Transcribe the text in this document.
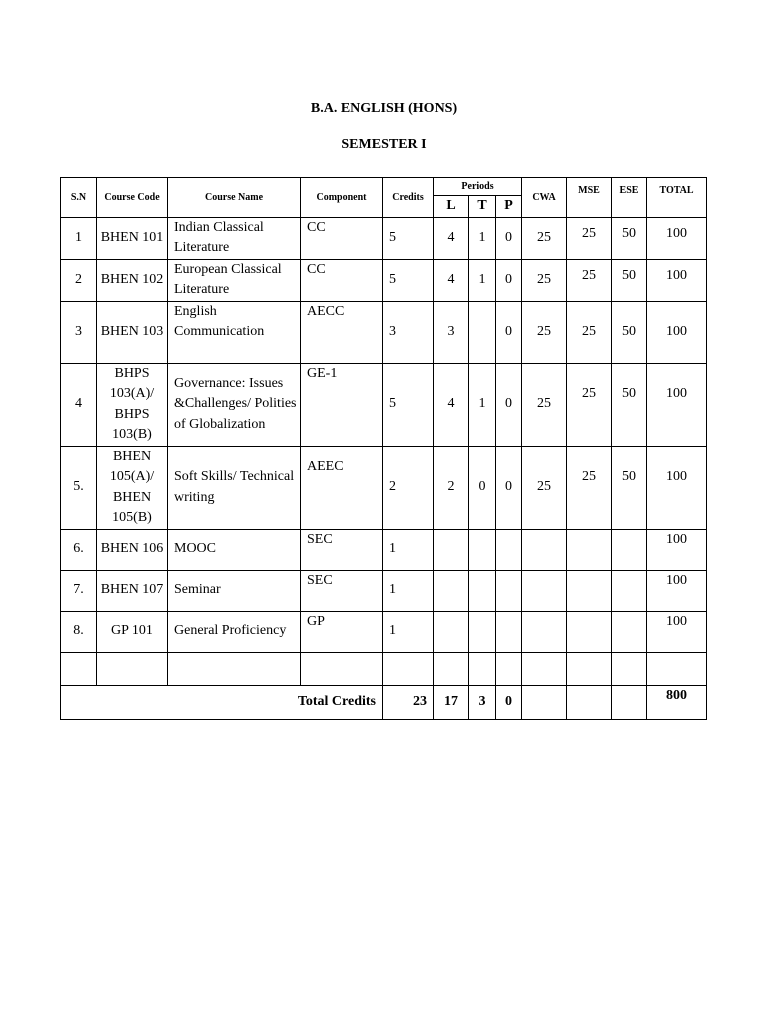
B.A. ENGLISH (HONS)
SEMESTER I
S.N	Course Code	Course Name	Component	Credits	Periods			CWA	MSE	ESE	TOTAL
					L	T	P				
1	BHEN 101	Indian Classical Literature	CC	5	4	1	0	25	25	50	100
2	BHEN 102	European Classical Literature	CC	5	4	1	0	25	25	50	100
3	BHEN 103	English Communication	AECC	3	3		0	25	25	50	100
4	BHPS 103(A)/ BHPS 103(B)	Governance: Issues &Challenges/ Polities of Globalization	GE-1	5	4	1	0	25	25	50	100
5.	BHEN 105(A)/ BHEN 105(B)	Soft Skills/ Technical writing	AEEC	2	2	0	0	25	25	50	100
6.	BHEN 106	MOOC	SEC	1							100
7.	BHEN 107	Seminar	SEC	1							100
8.	GP 101	General Proficiency	GP	1							100

Total Credits				23	17	3	0				800
